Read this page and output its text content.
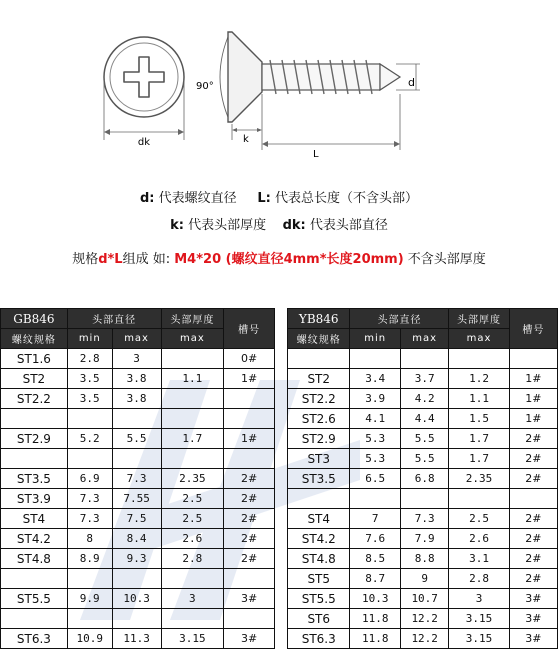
dk
90°	d
k
L
d: 代表螺纹直径 L: 代表总长度（不含头部）
k: 代表头部厚度 dk: 代表头部直径
规格d*L组成 如: M4*20 (螺纹直径4mm*长度20mm) 不含头部厚度
GB846	头部直径		头部厚度	槽号
螺纹规格	min	max	max	
ST1.6	2.8	3		0#
ST2	3.5	3.8	1.1	1#
ST2.2	3.5	3.8		

ST2.9	5.2	5.5	1.7	1#

ST3.5	6.9	7.3	2.35	2#
ST3.9	7.3	7.55	2.5	2#
ST4	7.3	7.5	2.5	2#
ST4.2	8	8.4	2.6	2#
ST4.8	8.9	9.3	2.8	2#

ST5.5	9.9	10.3	3	3#

ST6.3	10.9	11.3	3.15	3#
YB846	头部直径		头部厚度	槽号
螺纹规格	min	max	max	

ST2	3.4	3.7	1.2	1#
ST2.2	3.9	4.2	1.1	1#
ST2.6	4.1	4.4	1.5	1#
ST2.9	5.3	5.5	1.7	2#
ST3	5.3	5.5	1.7	2#
ST3.5	6.5	6.8	2.35	2#

ST4	7	7.3	2.5	2#
ST4.2	7.6	7.9	2.6	2#
ST4.8	8.5	8.8	3.1	2#
ST5	8.7	9	2.8	2#
ST5.5	10.3	10.7	3	3#
ST6	11.8	12.2	3.15	3#
ST6.3	11.8	12.2	3.15	3#
